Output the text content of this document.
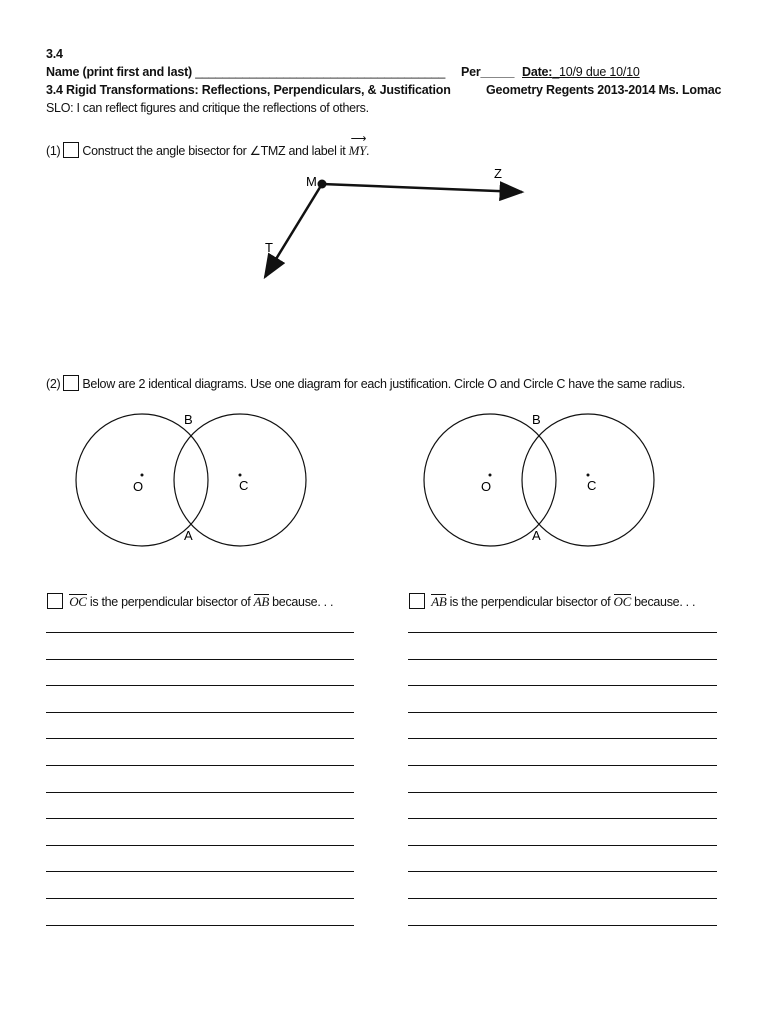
3.4
Name (print first and last) _____________________________________ Per_____ Date:_10/9 due 10/10
3.4 Rigid Transformations: Reflections, Perpendiculars, & Justification	Geometry Regents 2013-2014 Ms. Lomac
SLO: I can reflect figures and critique the reflections of others.
(1) Construct the angle bisector for ∠TMZ and label it ⟶ MY.
M
Z
T
(2) Below are 2 identical diagrams. Use one diagram for each justification. Circle O and Circle C have the same radius.
O	C
B
A
O	C
B
A
OC is the perpendicular bisector of AB because. . .	AB is the perpendicular bisector of OC because. . .
